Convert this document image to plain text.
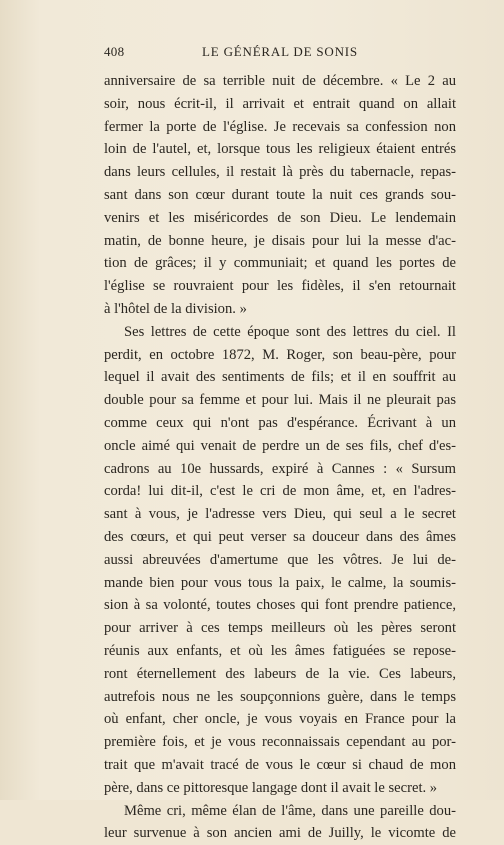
408	LE GÉNÉRAL DE SONIS
anniversaire de sa terrible nuit de décembre. « Le 2 au
soir, nous écrit-il, il arrivait et entrait quand on allait
fermer la porte de l'église. Je recevais sa confession non
loin de l'autel, et, lorsque tous les religieux étaient entrés
dans leurs cellules, il restait là près du tabernacle, repas-
sant dans son cœur durant toute la nuit ces grands sou-
venirs et les miséricordes de son Dieu. Le lendemain
matin, de bonne heure, je disais pour lui la messe d'ac-
tion de grâces; il y communiait; et quand les portes de
l'église se rouvraient pour les fidèles, il s'en retournait
à l'hôtel de la division. »
Ses lettres de cette époque sont des lettres du ciel. Il
perdit, en octobre 1872, M. Roger, son beau-père, pour
lequel il avait des sentiments de fils; et il en souffrit au
double pour sa femme et pour lui. Mais il ne pleurait pas
comme ceux qui n'ont pas d'espérance. Écrivant à un
oncle aimé qui venait de perdre un de ses fils, chef d'es-
cadrons au 10e hussards, expiré à Cannes : « Sursum
corda! lui dit-il, c'est le cri de mon âme, et, en l'adres-
sant à vous, je l'adresse vers Dieu, qui seul a le secret
des cœurs, et qui peut verser sa douceur dans des âmes
aussi abreuvées d'amertume que les vôtres. Je lui de-
mande bien pour vous tous la paix, le calme, la soumis-
sion à sa volonté, toutes choses qui font prendre patience,
pour arriver à ces temps meilleurs où les pères seront
réunis aux enfants, et où les âmes fatiguées se repose-
ront éternellement des labeurs de la vie. Ces labeurs,
autrefois nous ne les soupçonnions guère, dans le temps
où enfant, cher oncle, je vous voyais en France pour la
première fois, et je vous reconnaissais cependant au por-
trait que m'avait tracé de vous le cœur si chaud de mon
père, dans ce pittoresque langage dont il avait le secret. »
Même cri, même élan de l'âme, dans une pareille dou-
leur survenue à son ancien ami de Juilly, le vicomte de
